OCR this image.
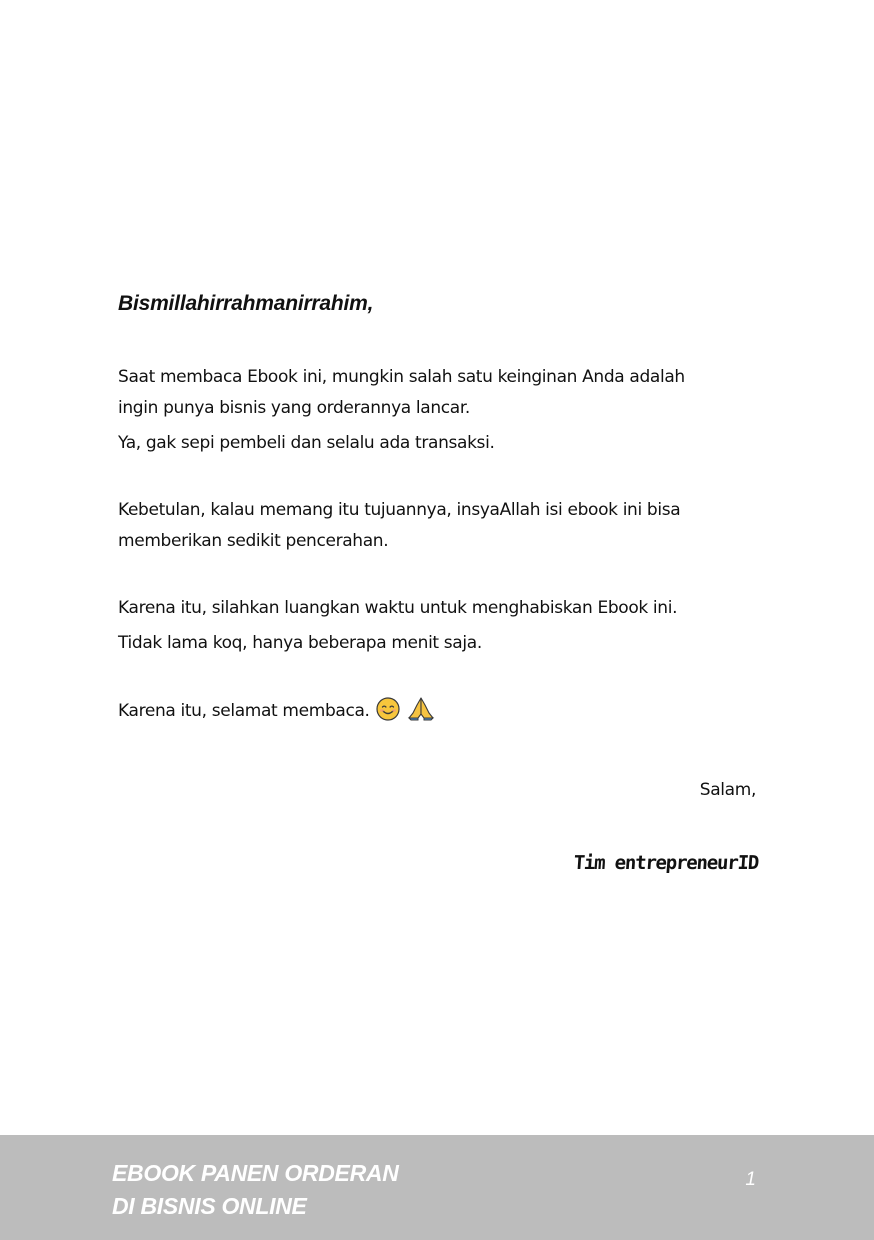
Bismillahirrahmanirrahim,
Saat membaca Ebook ini, mungkin salah satu keinginan Anda adalah
ingin punya bisnis yang orderannya lancar.
Ya, gak sepi pembeli dan selalu ada transaksi.
Kebetulan, kalau memang itu tujuannya, insyaAllah isi ebook ini bisa
memberikan sedikit pencerahan.
Karena itu, silahkan luangkan waktu untuk menghabiskan Ebook ini.
Tidak lama koq, hanya beberapa menit saja.
Karena itu, selamat membaca.
Salam,
Tim entrepreneurID
EBOOK PANEN ORDERAN
DI BISNIS ONLINE
1
